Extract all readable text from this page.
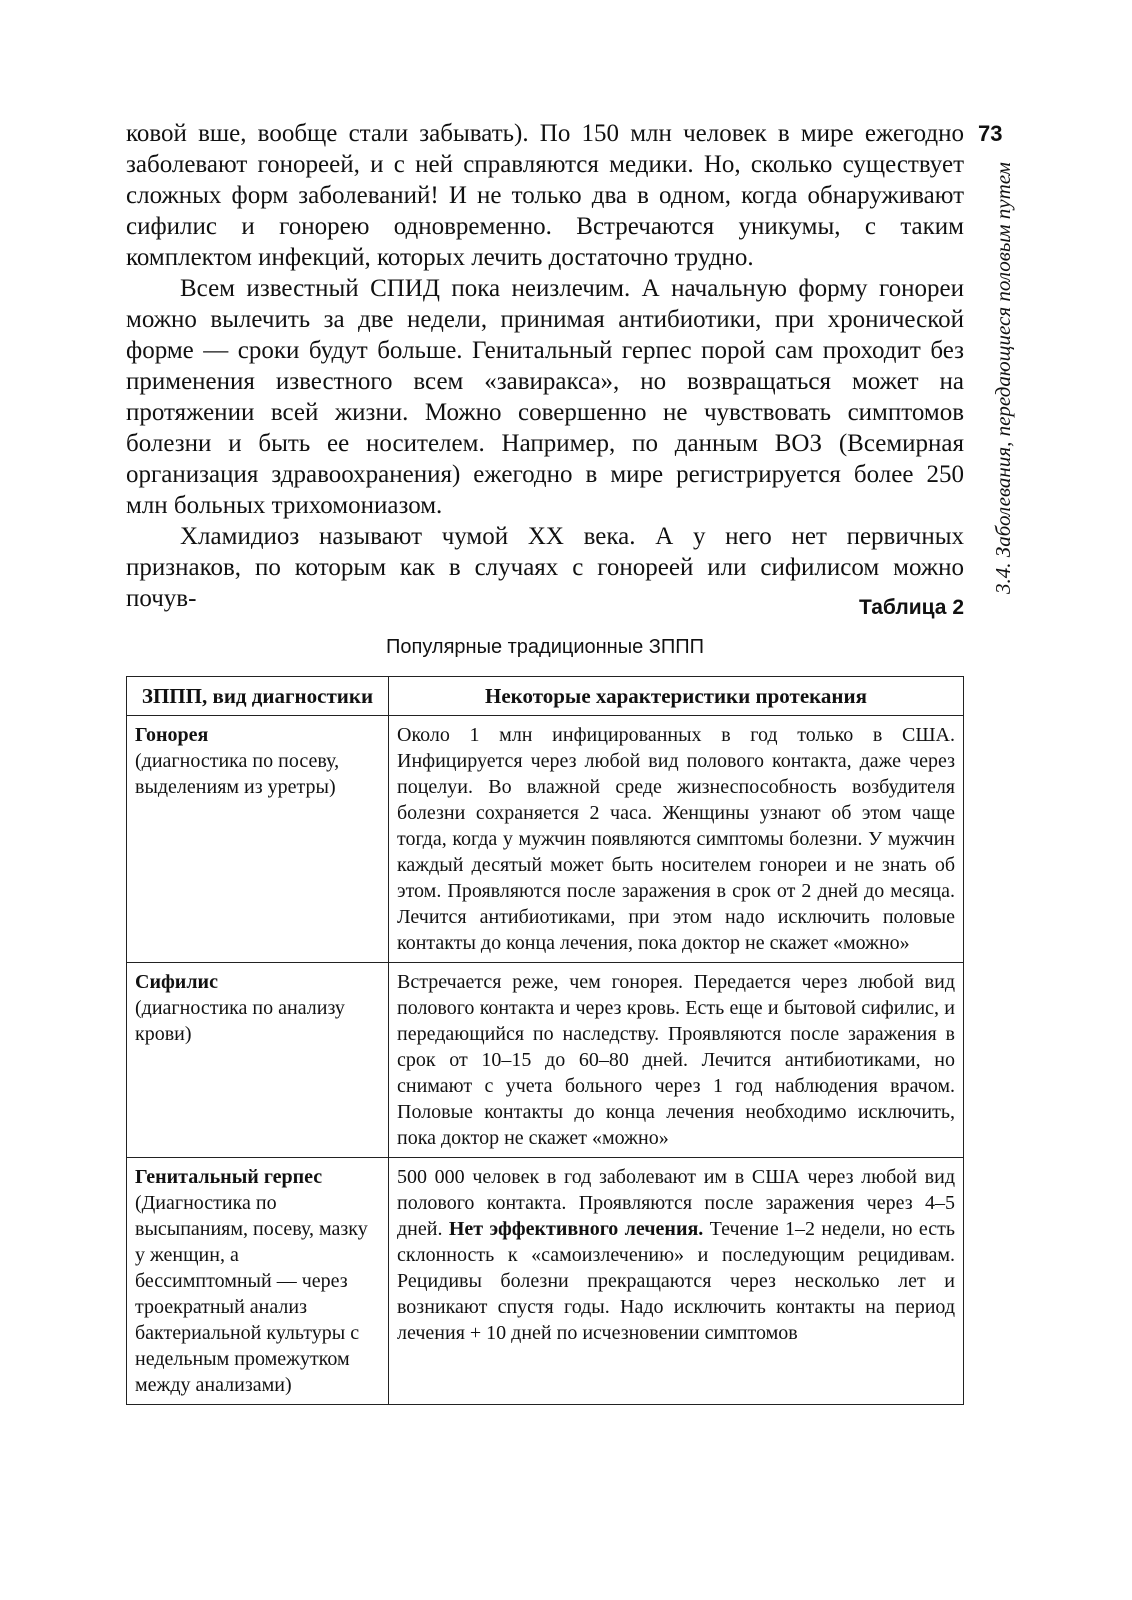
ковой вше, вообще стали забывать). По 150 млн человек в мире ежегодно заболевают гонореей, и с ней справляются медики. Но, сколько существует сложных форм заболеваний! И не только два в одном, когда обнаруживают сифилис и гонорею одновременно. Встречаются уникумы, с таким комплектом инфекций, которых лечить достаточно трудно.

Всем известный СПИД пока неизлечим. А начальную форму гонореи можно вылечить за две недели, принимая антибиотики, при хронической форме — сроки будут больше. Генитальный герпес порой сам проходит без применения известного всем «завиракса», но возвращаться может на протяжении всей жизни. Можно совершенно не чувствовать симптомов болезни и быть ее носителем. Например, по данным ВОЗ (Всемирная организация здравоохранения) ежегодно в мире регистрируется более 250 млн больных трихомониазом.

Хламидиоз называют чумой XX века. А у него нет первичных признаков, по которым как в случаях с гонореей или сифилисом можно почув-

73
3.4. Заболевания, передающиеся половым путем
Таблица 2
Популярные традиционные ЗППП
ЗППП, вид диагностики	Некоторые характеристики протекания

Гонорея
(диагностика по посеву, выделениям из уретры)	Около 1 млн инфицированных в год только в США. Инфицируется через любой вид полового контакта, даже через поцелуи. Во влажной среде жизнеспособность возбудителя болезни сохраняется 2 часа. Женщины узнают об этом чаще тогда, когда у мужчин появляются симптомы болезни. У мужчин каждый десятый может быть носителем гонореи и не знать об этом. Проявляются после заражения в срок от 2 дней до месяца. Лечится антибиотиками, при этом надо исключить половые контакты до конца лечения, пока доктор не скажет «можно»

Сифилис
(диагностика по анализу крови)	Встречается реже, чем гонорея. Передается через любой вид полового контакта и через кровь. Есть еще и бытовой сифилис, и передающийся по наследству. Проявляются после заражения в срок от 10–15 до 60–80 дней. Лечится антибиотиками, но снимают с учета больного через 1 год наблюдения врачом. Половые контакты до конца лечения необходимо исключить, пока доктор не скажет «можно»

Генитальный герпес
(Диагностика по высыпаниям, посеву, мазку у женщин, а бессимптомный — через троекратный анализ бактериальной культуры с недельным промежутком между анализами)	500 000 человек в год заболевают им в США через любой вид полового контакта. Проявляются после заражения через 4–5 дней. Нет эффективного лечения. Течение 1–2 недели, но есть склонность к «самоизлечению» и последующим рецидивам. Рецидивы болезни прекращаются через несколько лет и возникают спустя годы. Надо исключить контакты на период лечения + 10 дней по исчезновении симптомов
